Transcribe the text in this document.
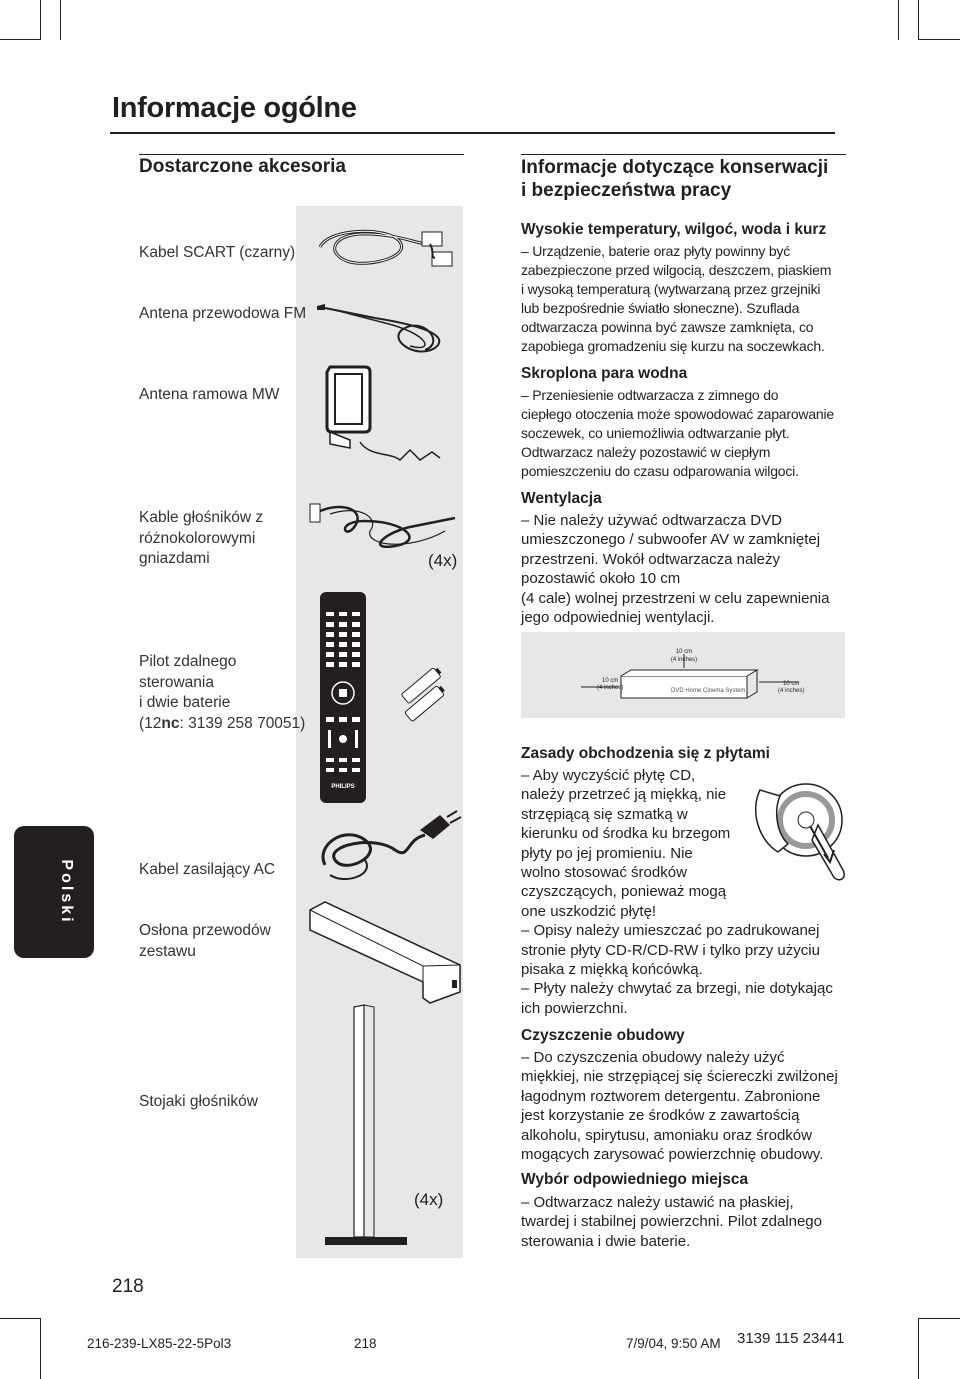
Informacje ogólne
Dostarczone akcesoria	Informacje dotyczące konserwacji
i bezpieczeństwa pracy
Kabel SCART (czarny)
Antena przewodowa FM
Antena ramowa MW
Kable głośników z
różnokolorowymi
gniazdami
Pilot zdalnego
sterowania
i dwie baterie
(12nc: 3139 258 70051)
Kabel zasilający AC
Osłona przewodów
zestawu
Stojaki głośników
(4x)
(4x)
PHILIPS
Wysokie temperatury, wilgoć, woda i kurz
– Urządzenie, baterie oraz płyty powinny być
zabezpieczone przed wilgocią, deszczem, piaskiem
i wysoką temperaturą (wytwarzaną przez grzejniki
lub bezpośrednie światło słoneczne). Szuflada
odtwarzacza powinna być zawsze zamknięta, co
zapobiega gromadzeniu się kurzu na soczewkach.
Skroplona para wodna
– Przeniesienie odtwarzacza z zimnego do
ciepłego otoczenia może spowodować zaparowanie
soczewek, co uniemożliwia odtwarzanie płyt.
Odtwarzacz należy pozostawić w ciepłym
pomieszczeniu do czasu odparowania wilgoci.
Wentylacja
– Nie należy używać odtwarzacza DVD
umieszczonego / subwoofer AV w zamkniętej
przestrzeni. Wokół odtwarzacza należy
pozostawić około 10 cm
(4 cale) wolnej przestrzeni w celu zapewnienia
jego odpowiedniej wentylacji.
10 cm
(4 inches)
10 cm
(4 inches)
10 cm
(4 inches)
DVD Home Cinema System
Zasady obchodzenia się z płytami
– Aby wyczyścić płytę CD,
należy przetrzeć ją miękką, nie
strzępiącą się szmatką w
kierunku od środka ku brzegom
płyty po jej promieniu. Nie
wolno stosować środków
czyszczących, ponieważ mogą
one uszkodzić płytę!
– Opisy należy umieszczać po zadrukowanej
stronie płyty CD-R/CD-RW i tylko przy użyciu
pisaka z miękką końcówką.
– Płyty należy chwytać za brzegi, nie dotykając
ich powierzchni.
Czyszczenie obudowy
– Do czyszczenia obudowy należy użyć
miękkiej, nie strzępiącej się ściereczki zwilżonej
łagodnym roztworem detergentu. Zabronione
jest korzystanie ze środków z zawartością
alkoholu, spirytusu, amoniaku oraz środków
mogących zarysować powierzchnię obudowy.
Wybór odpowiedniego miejsca
– Odtwarzacz należy ustawić na płaskiej,
twardej i stabilnej powierzchni. Pilot zdalnego
sterowania i dwie baterie.
Polski
218
216-239-LX85-22-5Pol3	218	7/9/04, 9:50 AM 3139 115 23441
